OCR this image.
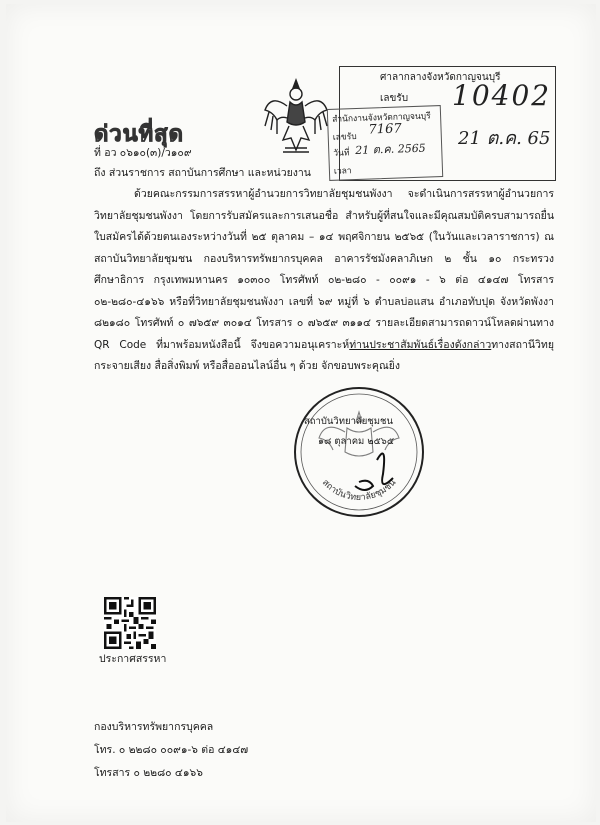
ศาลากลางจังหวัดกาญจนบุรี
เลขรับ 10402
21 ต.ค. 65
สำนักงานจังหวัดกาญจนบุรี
เลขรับ 7167
วันที่ 21 ต.ค. 2565
เวลา
ด่วนที่สุด
ที่ อว ๐๖๑๐(๓)/ว๑๐๙
ถึง ส่วนราชการ สถาบันการศึกษา และหน่วยงาน
ด้วยคณะกรรมการสรรหาผู้อำนวยการวิทยาลัยชุมชนพังงา จะดำเนินการสรรหาผู้อำนวยการวิทยาลัยชุมชนพังงา โดยการรับสมัครและการเสนอชื่อ สำหรับผู้ที่สนใจและมีคุณสมบัติครบสามารถยื่นใบสมัครได้ด้วยตนเองระหว่างวันที่ ๒๕ ตุลาคม – ๑๔ พฤศจิกายน ๒๕๖๕ (ในวันและเวลาราชการ) ณ สถาบันวิทยาลัยชุมชน กองบริหารทรัพยากรบุคคล อาคารรัชมังคลาภิเษก ๒ ชั้น ๑๐ กระทรวงศึกษาธิการ กรุงเทพมหานคร ๑๐๓๐๐ โทรศัพท์ ๐๒-๒๘๐ - ๐๐๙๑ - ๖ ต่อ ๔๑๔๗ โทรสาร ๐๒-๒๘๐-๔๑๖๖ หรือที่วิทยาลัยชุมชนพังงา เลขที่ ๖๙ หมู่ที่ ๖ ตำบลบ่อแสน อำเภอทับปุด จังหวัดพังงา ๘๒๑๘๐ โทรศัพท์ ๐ ๗๖๕๙ ๓๐๑๔ โทรสาร ๐ ๗๖๕๙ ๓๑๑๔ รายละเอียดสามารถดาวน์โหลดผ่านทาง QR Code ที่มาพร้อมหนังสือนี้ จึงขอความอนุเคราะห์ท่านประชาสัมพันธ์เรื่องดังกล่าวทางสถานีวิทยุกระจายเสียง สื่อสิ่งพิมพ์ หรือสื่อออนไลน์อื่น ๆ ด้วย จักขอบพระคุณยิ่ง
สถาบันวิทยาลัยชุมชน
สถาบันวิทยาลัยชุมชน
๑๘ ตุลาคม ๒๕๖๕
ประกาศสรรหา
กองบริหารทรัพยากรบุคคล
โทร. ๐ ๒๒๘๐ ๐๐๙๑-๖ ต่อ ๔๑๔๗
โทรสาร ๐ ๒๒๘๐ ๔๑๖๖
